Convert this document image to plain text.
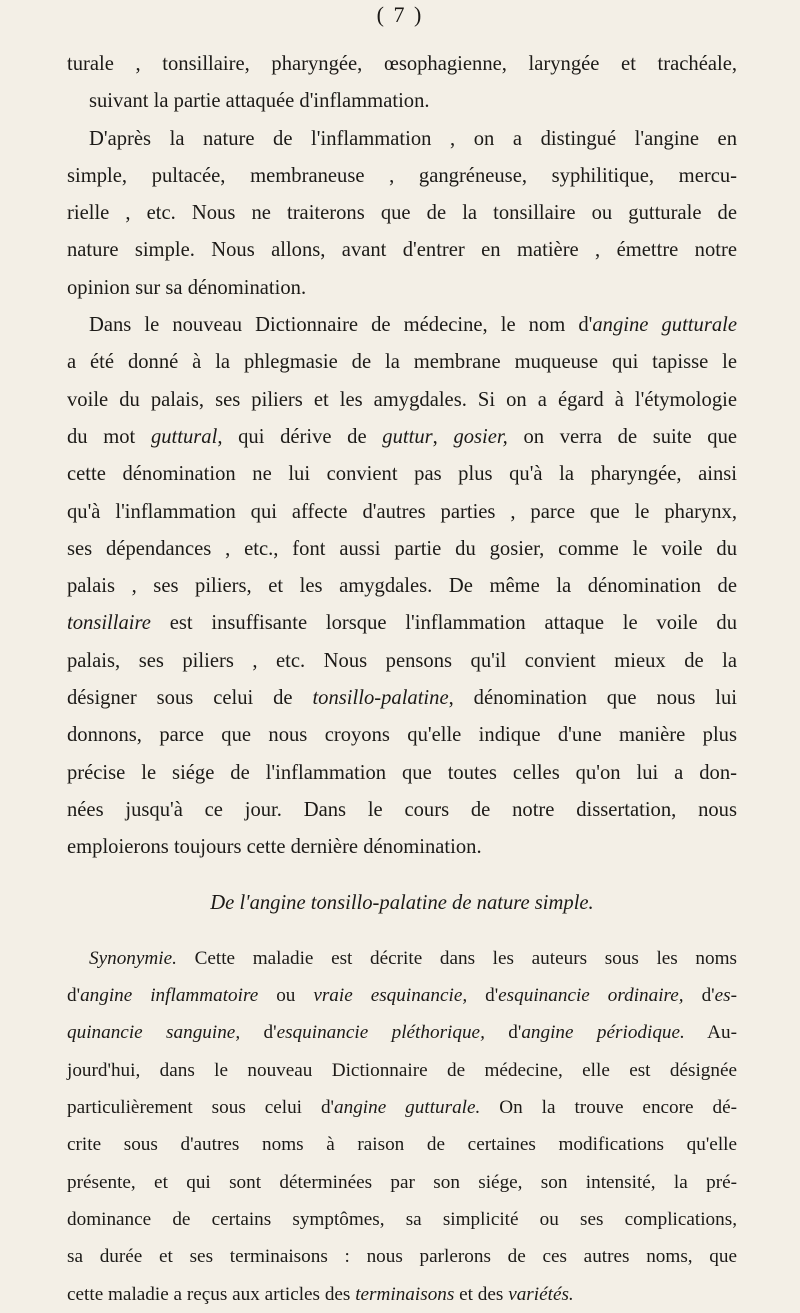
( 7 )
turale , tonsillaire, pharyngée, œsophagienne, laryngée et trachéale,
suivant la partie attaquée d'inflammation.
D'après la nature de l'inflammation , on a distingué l'angine en
simple, pultacée, membraneuse , gangréneuse, syphilitique, mercu-
rielle , etc. Nous ne traiterons que de la tonsillaire ou gutturale de
nature simple. Nous allons, avant d'entrer en matière , émettre notre
opinion sur sa dénomination.
Dans le nouveau Dictionnaire de médecine, le nom d'angine gutturale
a été donné à la phlegmasie de la membrane muqueuse qui tapisse le
voile du palais, ses piliers et les amygdales. Si on a égard à l'étymologie
du mot guttural, qui dérive de guttur, gosier, on verra de suite que
cette dénomination ne lui convient pas plus qu'à la pharyngée, ainsi
qu'à l'inflammation qui affecte d'autres parties , parce que le pharynx,
ses dépendances , etc., font aussi partie du gosier, comme le voile du
palais , ses piliers, et les amygdales. De même la dénomination de
tonsillaire est insuffisante lorsque l'inflammation attaque le voile du
palais, ses piliers , etc. Nous pensons qu'il convient mieux de la
désigner sous celui de tonsillo-palatine, dénomination que nous lui
donnons, parce que nous croyons qu'elle indique d'une manière plus
précise le siége de l'inflammation que toutes celles qu'on lui a don-
nées jusqu'à ce jour. Dans le cours de notre dissertation, nous
emploierons toujours cette dernière dénomination.
De l'angine tonsillo-palatine de nature simple.
Synonymie. Cette maladie est décrite dans les auteurs sous les noms
d'angine inflammatoire ou vraie esquinancie, d'esquinancie ordinaire, d'es-
quinancie sanguine, d'esquinancie pléthorique, d'angine périodique. Au-
jourd'hui, dans le nouveau Dictionnaire de médecine, elle est désignée
particulièrement sous celui d'angine gutturale. On la trouve encore dé-
crite sous d'autres noms à raison de certaines modifications qu'elle
présente, et qui sont déterminées par son siége, son intensité, la pré-
dominance de certains symptômes, sa simplicité ou ses complications,
sa durée et ses terminaisons : nous parlerons de ces autres noms, que
cette maladie a reçus aux articles des terminaisons et des variétés.
